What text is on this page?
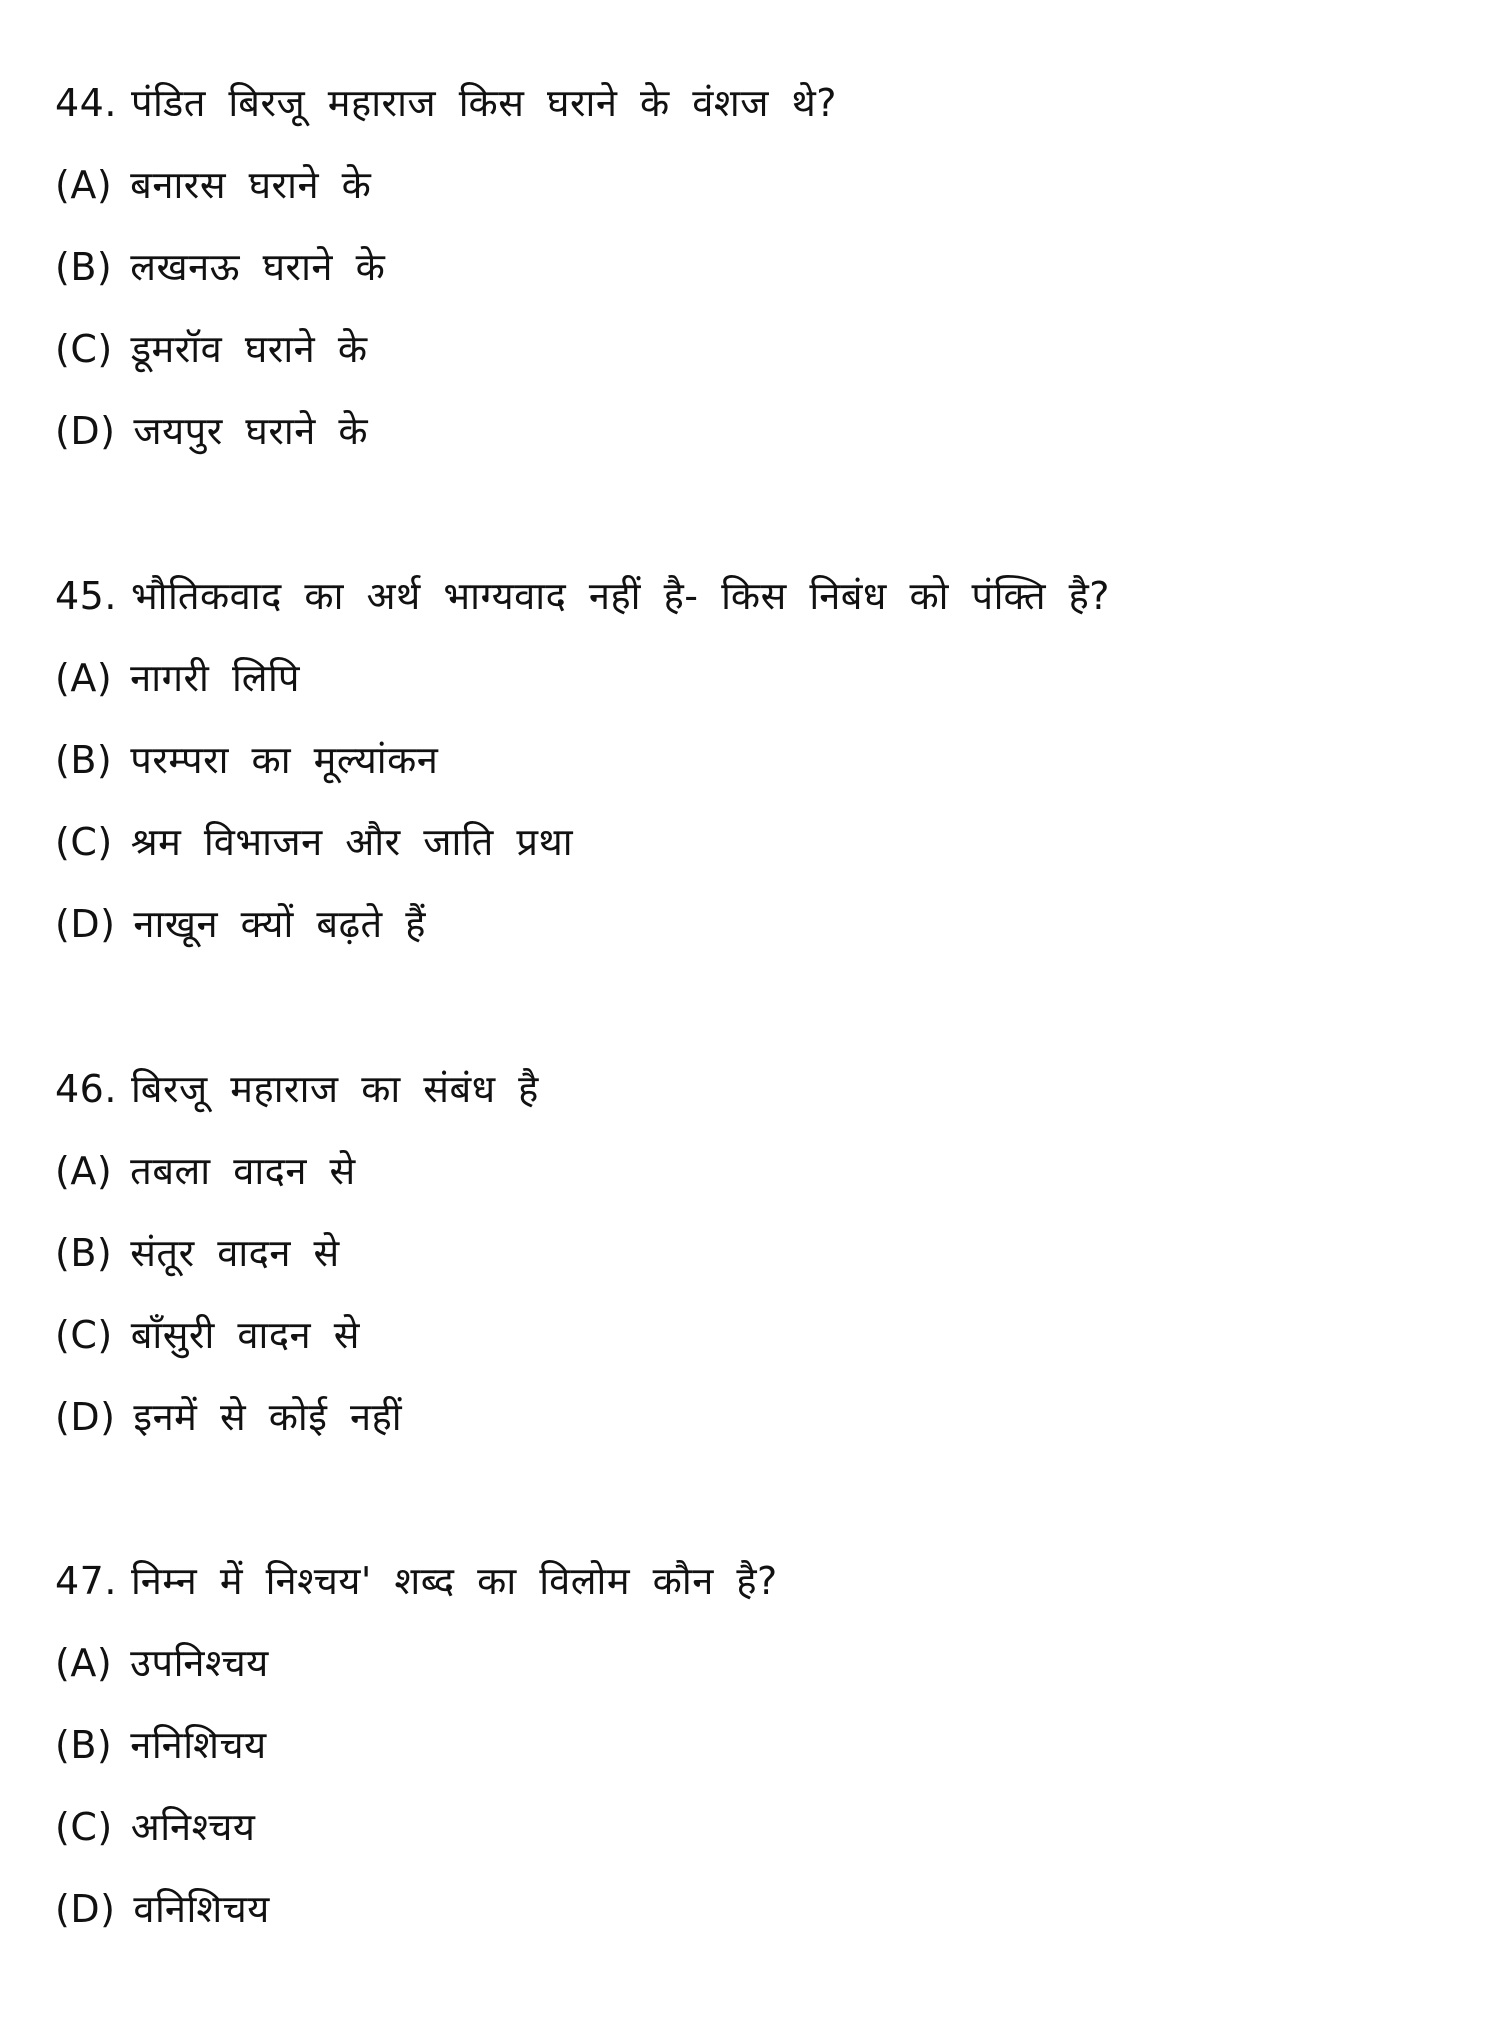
44. पंडित बिरजू महाराज किस घराने के वंशज थे?
(A) बनारस घराने के
(B) लखनऊ घराने के
(C) डूमरॉव घराने के
(D) जयपुर घराने के
45. भौतिकवाद का अर्थ भाग्यवाद नहीं है- किस निबंध को पंक्ति है?
(A) नागरी लिपि
(B) परम्परा का मूल्यांकन
(C) श्रम विभाजन और जाति प्रथा
(D) नाखून क्यों बढ़ते हैं
46. बिरजू महाराज का संबंध है
(A) तबला वादन से
(B) संतूर वादन से
(C) बाँसुरी वादन से
(D) इनमें से कोई नहीं
47. निम्न में निश्चय' शब्द का विलोम कौन है?
(A) उपनिश्चय
(B) ननिशिचय
(C) अनिश्चय
(D) वनिशिचय
